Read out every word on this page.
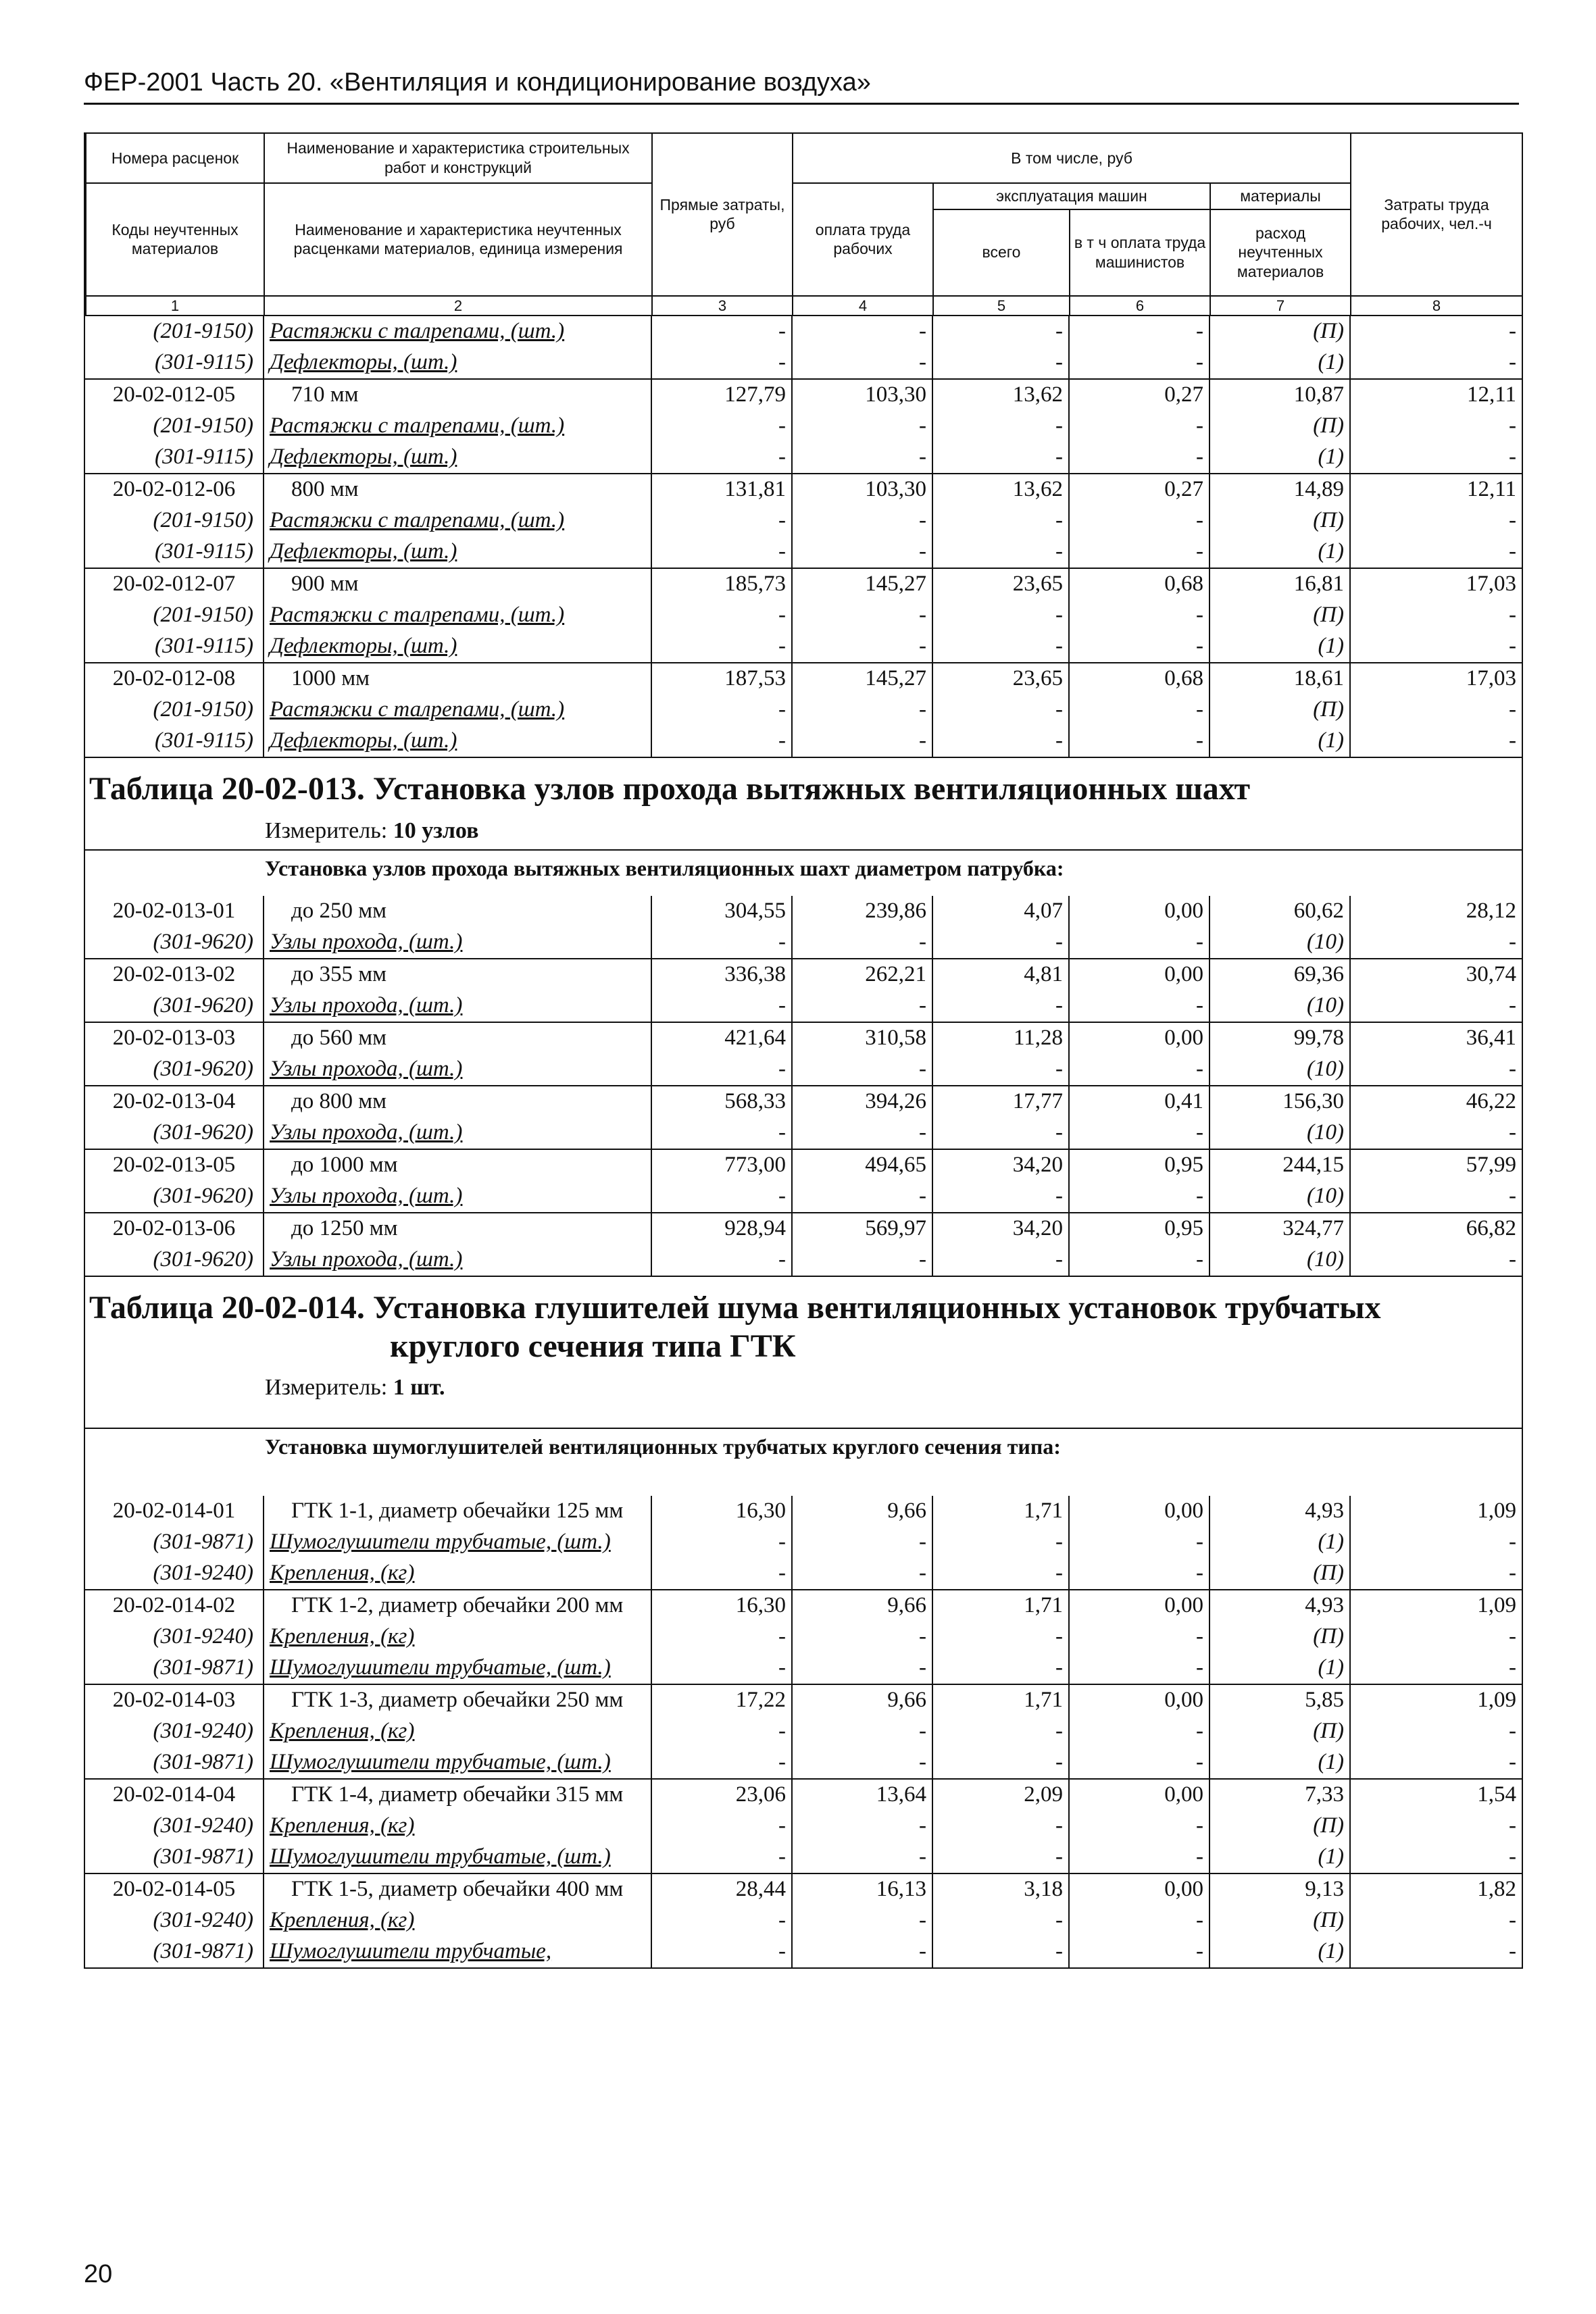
ФЕР-2001 Часть 20. «Вентиляция и кондиционирование воздуха»
Номера расценок	Наименование и характеристика строительных работ и конструкций	Прямые затраты, руб	В том числе, руб				Затраты труда рабочих, чел.-ч
Коды неучтенных материалов	Наименование и характеристика неучтенных расценками материалов, единица измерения		оплата труда рабочих	эксплуатация машин		материалы	
				всего	в т ч оплата труда машинистов	расход неучтенных материалов	
1	2	3	4	5	6	7	8
(201-9150)	Растяжки с талрепами, (шт.)	-	-	-	-	(П)	-
(301-9115)	Дефлекторы, (шт.)	-	-	-	-	(1)	-
20-02-012-05	710 мм	127,79	103,30	13,62	0,27	10,87	12,11
(201-9150)	Растяжки с талрепами, (шт.)	-	-	-	-	(П)	-
(301-9115)	Дефлекторы, (шт.)	-	-	-	-	(1)	-
20-02-012-06	800 мм	131,81	103,30	13,62	0,27	14,89	12,11
(201-9150)	Растяжки с талрепами, (шт.)	-	-	-	-	(П)	-
(301-9115)	Дефлекторы, (шт.)	-	-	-	-	(1)	-
20-02-012-07	900 мм	185,73	145,27	23,65	0,68	16,81	17,03
(201-9150)	Растяжки с талрепами, (шт.)	-	-	-	-	(П)	-
(301-9115)	Дефлекторы, (шт.)	-	-	-	-	(1)	-
20-02-012-08	1000 мм	187,53	145,27	23,65	0,68	18,61	17,03
(201-9150)	Растяжки с талрепами, (шт.)	-	-	-	-	(П)	-
(301-9115)	Дефлекторы, (шт.)	-	-	-	-	(1)	-
Таблица 20-02-013. Установка узлов прохода вытяжных вентиляционных шахт
Измеритель: 10 узлов
Установка узлов прохода вытяжных вентиляционных шахт диаметром патрубка:
20-02-013-01	до 250 мм	304,55	239,86	4,07	0,00	60,62	28,12
(301-9620)	Узлы прохода, (шт.)	-	-	-	-	(10)	-
20-02-013-02	до 355 мм	336,38	262,21	4,81	0,00	69,36	30,74
(301-9620)	Узлы прохода, (шт.)	-	-	-	-	(10)	-
20-02-013-03	до 560 мм	421,64	310,58	11,28	0,00	99,78	36,41
(301-9620)	Узлы прохода, (шт.)	-	-	-	-	(10)	-
20-02-013-04	до 800 мм	568,33	394,26	17,77	0,41	156,30	46,22
(301-9620)	Узлы прохода, (шт.)	-	-	-	-	(10)	-
20-02-013-05	до 1000 мм	773,00	494,65	34,20	0,95	244,15	57,99
(301-9620)	Узлы прохода, (шт.)	-	-	-	-	(10)	-
20-02-013-06	до 1250 мм	928,94	569,97	34,20	0,95	324,77	66,82
(301-9620)	Узлы прохода, (шт.)	-	-	-	-	(10)	-
Таблица 20-02-014. Установка глушителей шума вентиляционных установок трубчатых
круглого сечения типа ГТК
Измеритель: 1 шт.
Установка шумоглушителей вентиляционных трубчатых круглого сечения типа:
20-02-014-01	ГТК 1-1, диаметр обечайки 125 мм	16,30	9,66	1,71	0,00	4,93	1,09
(301-9871)	Шумоглушители трубчатые, (шт.)	-	-	-	-	(1)	-
(301-9240)	Крепления, (кг)	-	-	-	-	(П)	-
20-02-014-02	ГТК 1-2, диаметр обечайки 200 мм	16,30	9,66	1,71	0,00	4,93	1,09
(301-9240)	Крепления, (кг)	-	-	-	-	(П)	-
(301-9871)	Шумоглушители трубчатые, (шт.)	-	-	-	-	(1)	-
20-02-014-03	ГТК 1-3, диаметр обечайки 250 мм	17,22	9,66	1,71	0,00	5,85	1,09
(301-9240)	Крепления, (кг)	-	-	-	-	(П)	-
(301-9871)	Шумоглушители трубчатые, (шт.)	-	-	-	-	(1)	-
20-02-014-04	ГТК 1-4, диаметр обечайки 315 мм	23,06	13,64	2,09	0,00	7,33	1,54
(301-9240)	Крепления, (кг)	-	-	-	-	(П)	-
(301-9871)	Шумоглушители трубчатые, (шт.)	-	-	-	-	(1)	-
20-02-014-05	ГТК 1-5, диаметр обечайки 400 мм	28,44	16,13	3,18	0,00	9,13	1,82
(301-9240)	Крепления, (кг)	-	-	-	-	(П)	-
(301-9871)	Шумоглушители трубчатые,	-	-	-	-	(1)	-
20
